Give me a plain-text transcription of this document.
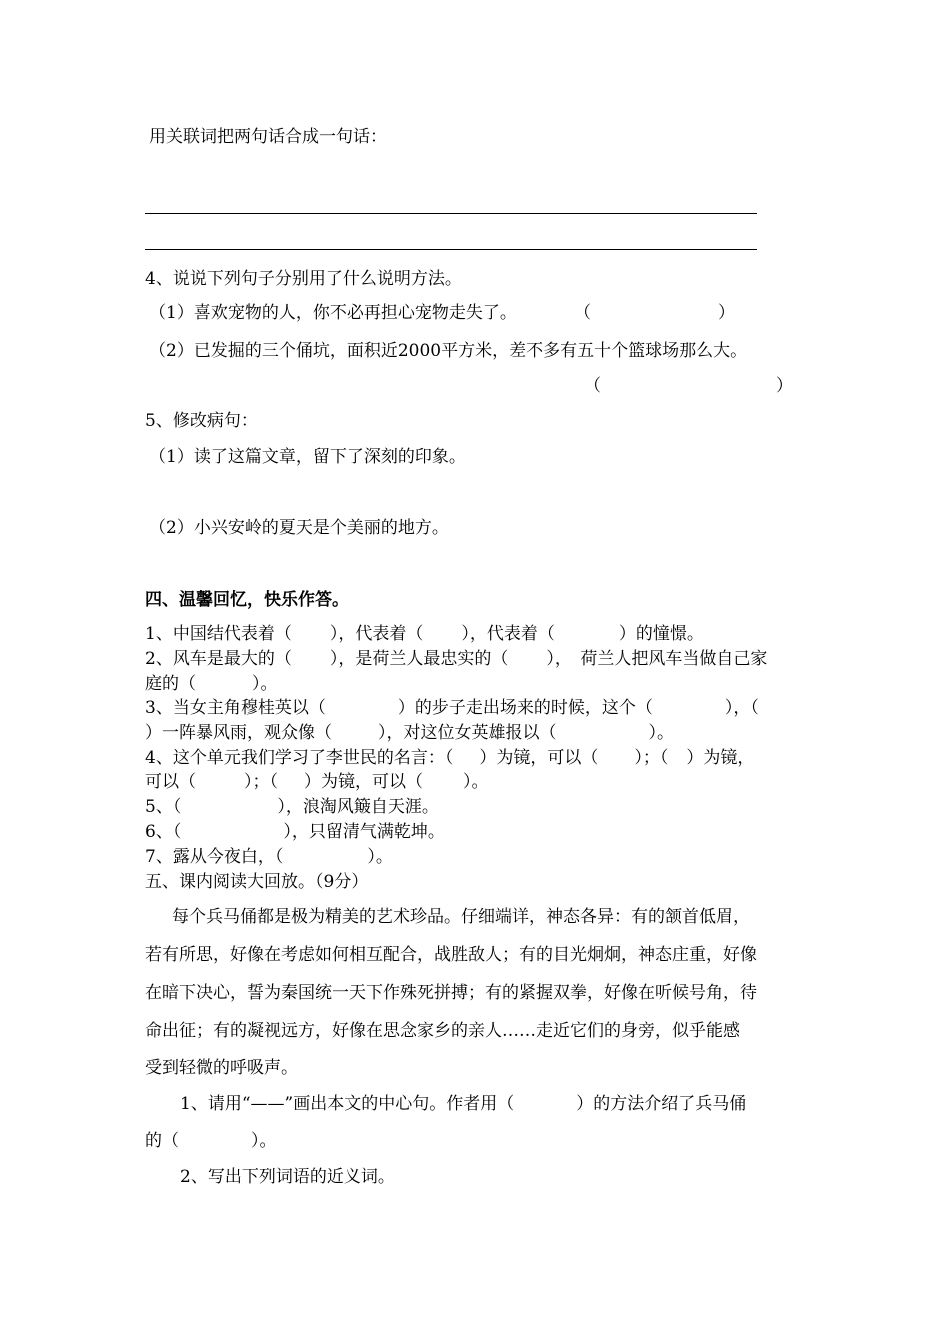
用关联词把两句话合成一句话：
4、说说下列句子分别用了什么说明方法。
（1）喜欢宠物的人，你不必再担心宠物走失了。	（	）
（2）已发掘的三个俑坑，面积近2000平方米，差不多有五十个篮球场那么大。
（	）
5、修改病句：
（1）读了这篇文章，留下了深刻的印象。
（2）小兴安岭的夏天是个美丽的地方。
四、温馨回忆，快乐作答。
1、中国结代表着（ ），代表着（ ），代表着（	）的憧憬。
2、风车是最大的（ ），是荷兰人最忠实的（ ），　荷兰人把风车当做自己家
庭的（	）。
3、当女主角穆桂英以（	）的步子走出场来的时候，这个（	），（
）一阵暴风雨，观众像（	），对这位女英雄报以（	）。
4、这个单元我们学习了李世民的名言：（ ）为镜，可以（ ）；（ ）为镜，
可以（	）；（ ）为镜，可以（ ）。
5、（	），浪淘风簸自天涯。
6、（	），只留清气满乾坤。
7、露从今夜白，（	）。
五、课内阅读大回放。（9分）
每个兵马俑都是极为精美的艺术珍品。仔细端详，神态各异：有的颔首低眉，
若有所思，好像在考虑如何相互配合，战胜敌人；有的目光炯炯，神态庄重，好像
在暗下决心，誓为秦国统一天下作殊死拼搏；有的紧握双拳，好像在听候号角，待
命出征；有的凝视远方，好像在思念家乡的亲人……走近它们的身旁，似乎能感
受到轻微的呼吸声。
1、请用“——”画出本文的中心句。作者用（	）的方法介绍了兵马俑
的（	）。
2、写出下列词语的近义词。
